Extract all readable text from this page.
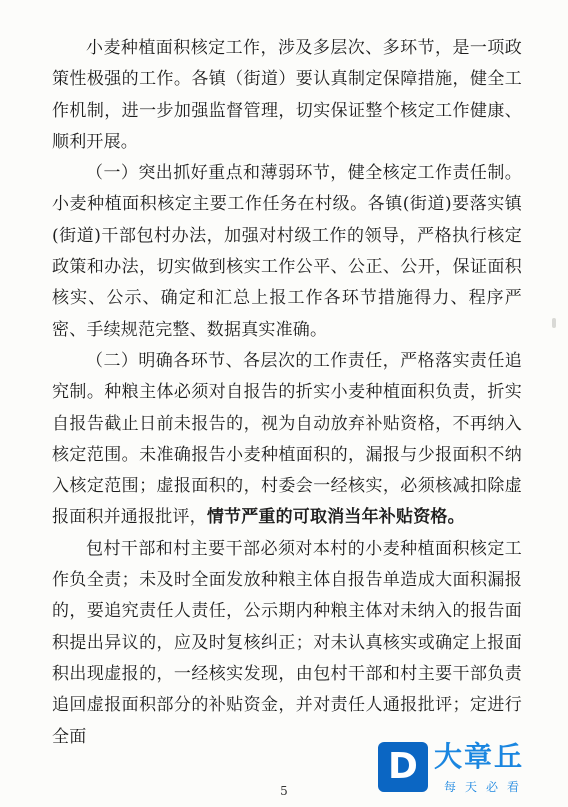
小麦种植面积核定工作，涉及多层次、多环节，是一项政策性极强的工作。各镇（街道）要认真制定保障措施，健全工作机制，进一步加强监督管理，切实保证整个核定工作健康、顺利开展。

（一）突出抓好重点和薄弱环节，健全核定工作责任制。小麦种植面积核定主要工作任务在村级。各镇(街道)要落实镇(街道)干部包村办法，加强对村级工作的领导，严格执行核定政策和办法，切实做到核实工作公平、公正、公开，保证面积核实、公示、确定和汇总上报工作各环节措施得力、程序严密、手续规范完整、数据真实准确。

（二）明确各环节、各层次的工作责任，严格落实责任追究制。种粮主体必须对自报告的折实小麦种植面积负责，折实自报告截止日前未报告的，视为自动放弃补贴资格，不再纳入核定范围。未准确报告小麦种植面积的，漏报与少报面积不纳入核定范围；虚报面积的，村委会一经核实，必须核减扣除虚报面积并通报批评，情节严重的可取消当年补贴资格。

包村干部和村主要干部必须对本村的小麦种植面积核定工作负全责；未及时全面发放种粮主体自报告单造成大面积漏报的，要追究责任人责任，公示期内种粮主体对未纳入的报告面积提出异议的，应及时复核纠正；对未认真核实或确定上报面积出现虚报的，一经核实发现，由包村干部和村主要干部负责追回虚报面积部分的补贴资金，并对责任人通报批评；定进行全面

5
D 大章丘
每天必看
